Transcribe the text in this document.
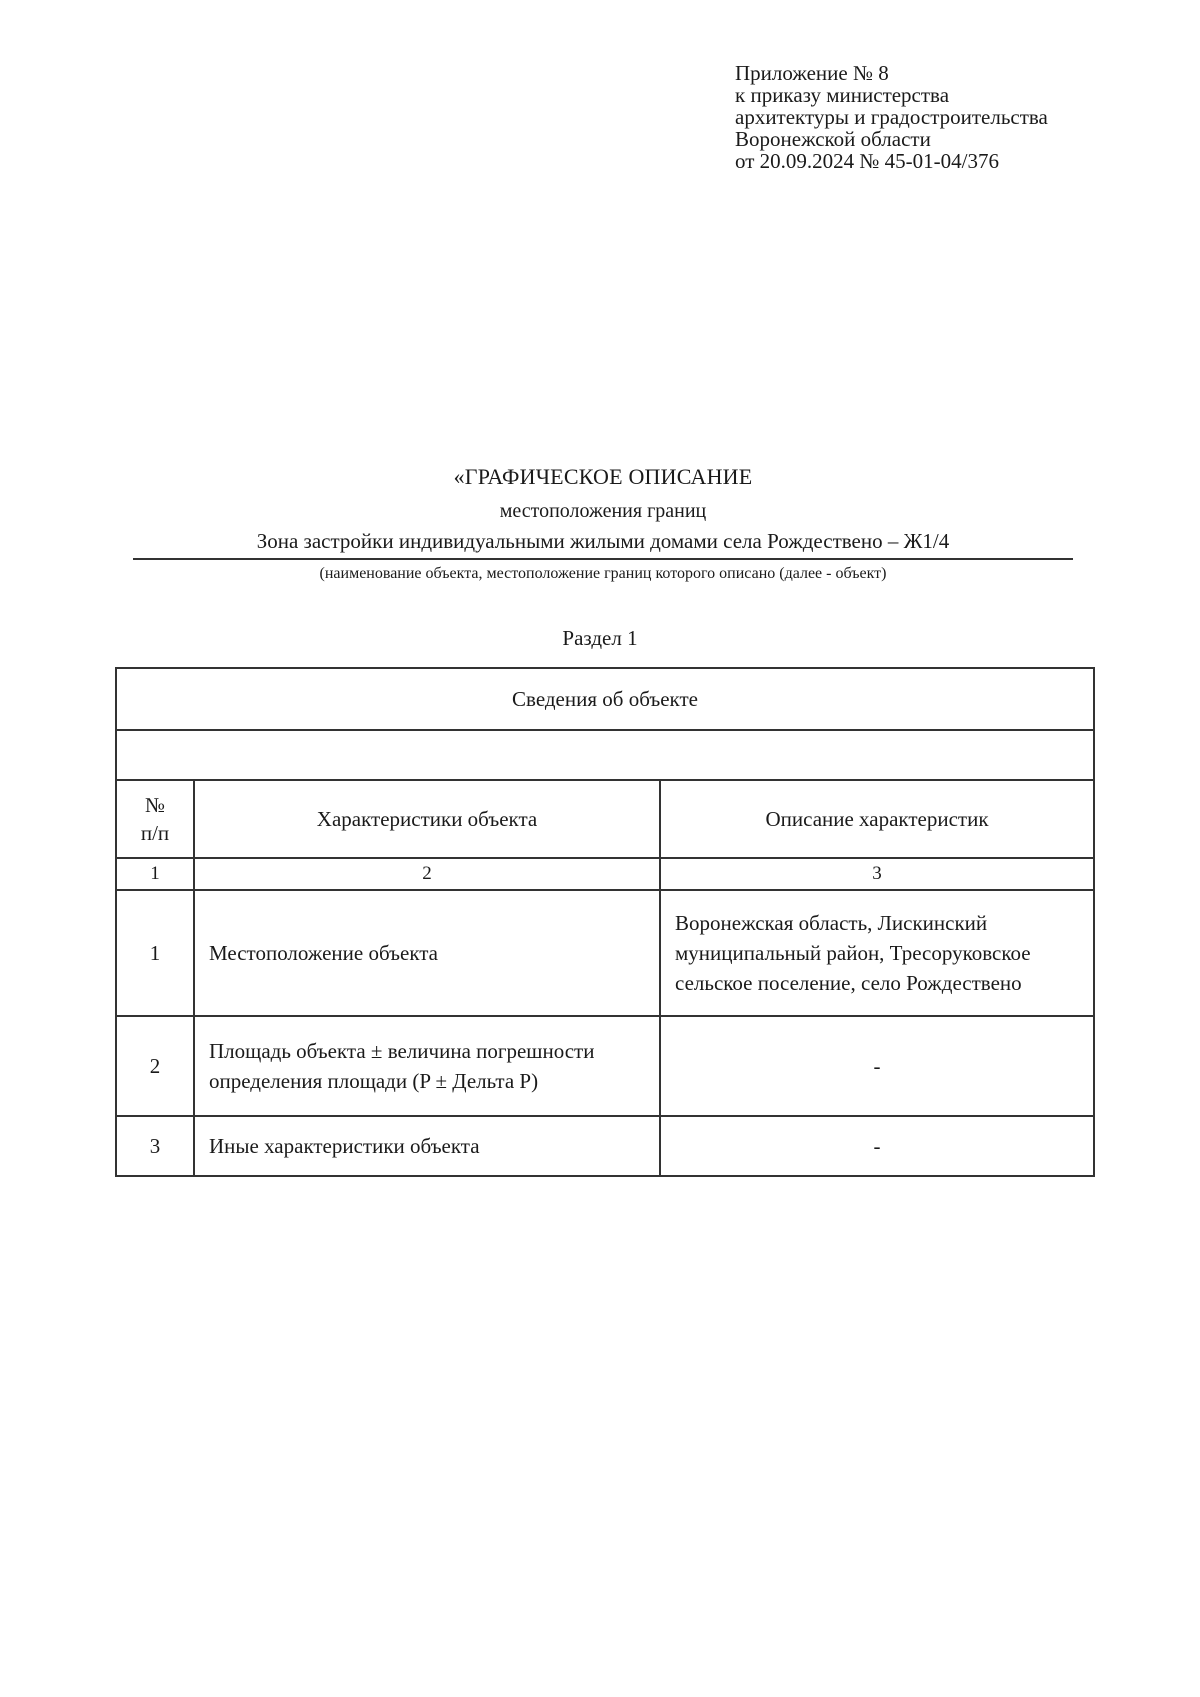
Приложение № 8
к приказу министерства
архитектуры и градостроительства
Воронежской области
от 20.09.2024 № 45-01-04/376
«ГРАФИЧЕСКОЕ ОПИСАНИЕ
местоположения границ
Зона застройки индивидуальными жилыми домами села Рождествено – Ж1/4
(наименование объекта, местоположение границ которого описано (далее - объект)
Раздел 1
Сведения об объекте		

№
п/п	Характеристики объекта	Описание характеристик
1	2	3
1	Местоположение объекта	Воронежская область, Лискинский муниципальный район, Тресоруковское сельское поселение, село Рождествено
2	Площадь объекта ± величина погрешности определения площади (P ± Дельта P)	-
3	Иные характеристики объекта	-
